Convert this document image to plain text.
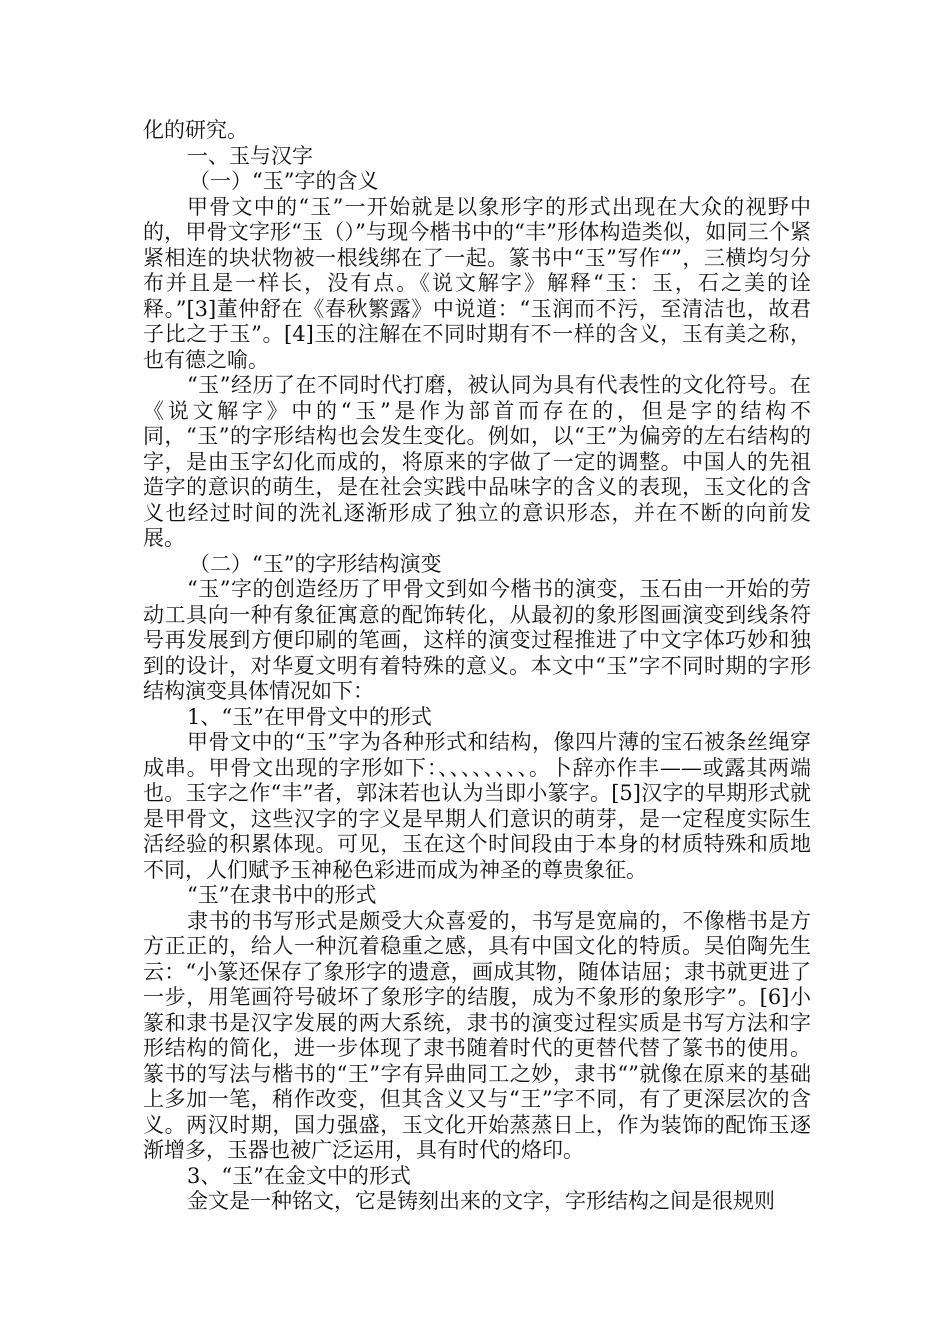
化的研究。

一、玉与汉字

（一）“玉”字的含义

甲骨文中的“玉”一开始就是以象形字的形式出现在大众的视野中的，甲骨文字形“玉（）”与现今楷书中的“丰”形体构造类似，如同三个紧紧相连的块状物被一根线绑在了一起。篆书中“玉”写作“”，三横均匀分布并且是一样长，没有点。《说文解字》解释“玉：玉，石之美的诠释。”[3]董仲舒在《春秋繁露》中说道：“玉润而不污，至清洁也，故君子比之于玉”。[4]玉的注解在不同时期有不一样的含义，玉有美之称，也有德之喻。

“玉”经历了在不同时代打磨，被认同为具有代表性的文化符号。在《说文解字》中的“玉”是作为部首而存在的，但是字的结构不同，“玉”的字形结构也会发生变化。例如，以“王”为偏旁的左右结构的字，是由玉字幻化而成的，将原来的字做了一定的调整。中国人的先祖造字的意识的萌生，是在社会实践中品味字的含义的表现，玉文化的含义也经过时间的洗礼逐渐形成了独立的意识形态，并在不断的向前发展。

（二）“玉”的字形结构演变

“玉”字的创造经历了甲骨文到如今楷书的演变，玉石由一开始的劳动工具向一种有象征寓意的配饰转化，从最初的象形图画演变到线条符号再发展到方便印刷的笔画，这样的演变过程推进了中文字体巧妙和独到的设计，对华夏文明有着特殊的意义。本文中“玉”字不同时期的字形结构演变具体情况如下：

1、“玉”在甲骨文中的形式

甲骨文中的“玉”字为各种形式和结构，像四片薄的宝石被条丝绳穿成串。甲骨文出现的字形如下：、、、、、、、、。卜辞亦作丰——或露其两端也。玉字之作“丰”者，郭沫若也认为当即小篆字。[5]汉字的早期形式就是甲骨文，这些汉字的字义是早期人们意识的萌芽，是一定程度实际生活经验的积累体现。可见，玉在这个时间段由于本身的材质特殊和质地不同，人们赋予玉神秘色彩进而成为神圣的尊贵象征。

“玉”在隶书中的形式

隶书的书写形式是颇受大众喜爱的，书写是宽扁的，不像楷书是方方正正的，给人一种沉着稳重之感，具有中国文化的特质。吴伯陶先生云：“小篆还保存了象形字的遗意，画成其物，随体诘屈；隶书就更进了一步，用笔画符号破坏了象形字的结腹，成为不象形的象形字”。[6]小篆和隶书是汉字发展的两大系统，隶书的演变过程实质是书写方法和字形结构的简化，进一步体现了隶书随着时代的更替代替了篆书的使用。篆书的写法与楷书的“王”字有异曲同工之妙，隶书“”就像在原来的基础上多加一笔，稍作改变，但其含义又与“王”字不同，有了更深层次的含义。两汉时期，国力强盛，玉文化开始蒸蒸日上，作为装饰的配饰玉逐渐增多，玉器也被广泛运用，具有时代的烙印。

3、“玉”在金文中的形式

金文是一种铭文，它是铸刻出来的文字，字形结构之间是很规则
